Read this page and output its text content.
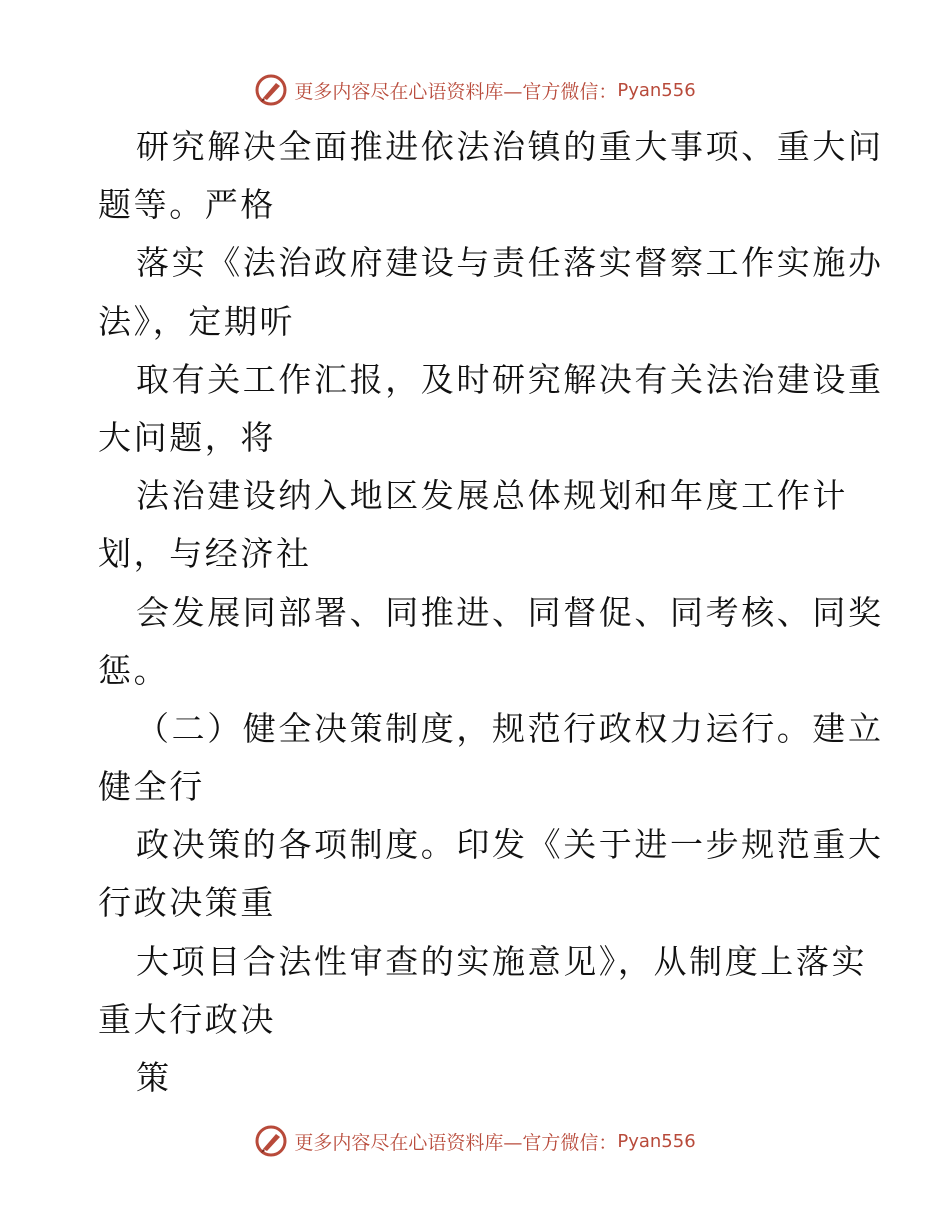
更多内容尽在心语资料库—官方微信： Pyan556
研究解决全面推进依法治镇的重大事项、重大问
题等。严格
落实《法治政府建设与责任落实督察工作实施办
法》，定期听
取有关工作汇报，及时研究解决有关法治建设重
大问题，将
法治建设纳入地区发展总体规划和年度工作计
划，与经济社
会发展同部署、同推进、同督促、同考核、同奖
惩。
（二）健全决策制度，规范行政权力运行。建立
健全行
政决策的各项制度。印发《关于进一步规范重大
行政决策重
大项目合法性审查的实施意见》，从制度上落实
重大行政决
策
更多内容尽在心语资料库—官方微信： Pyan556
